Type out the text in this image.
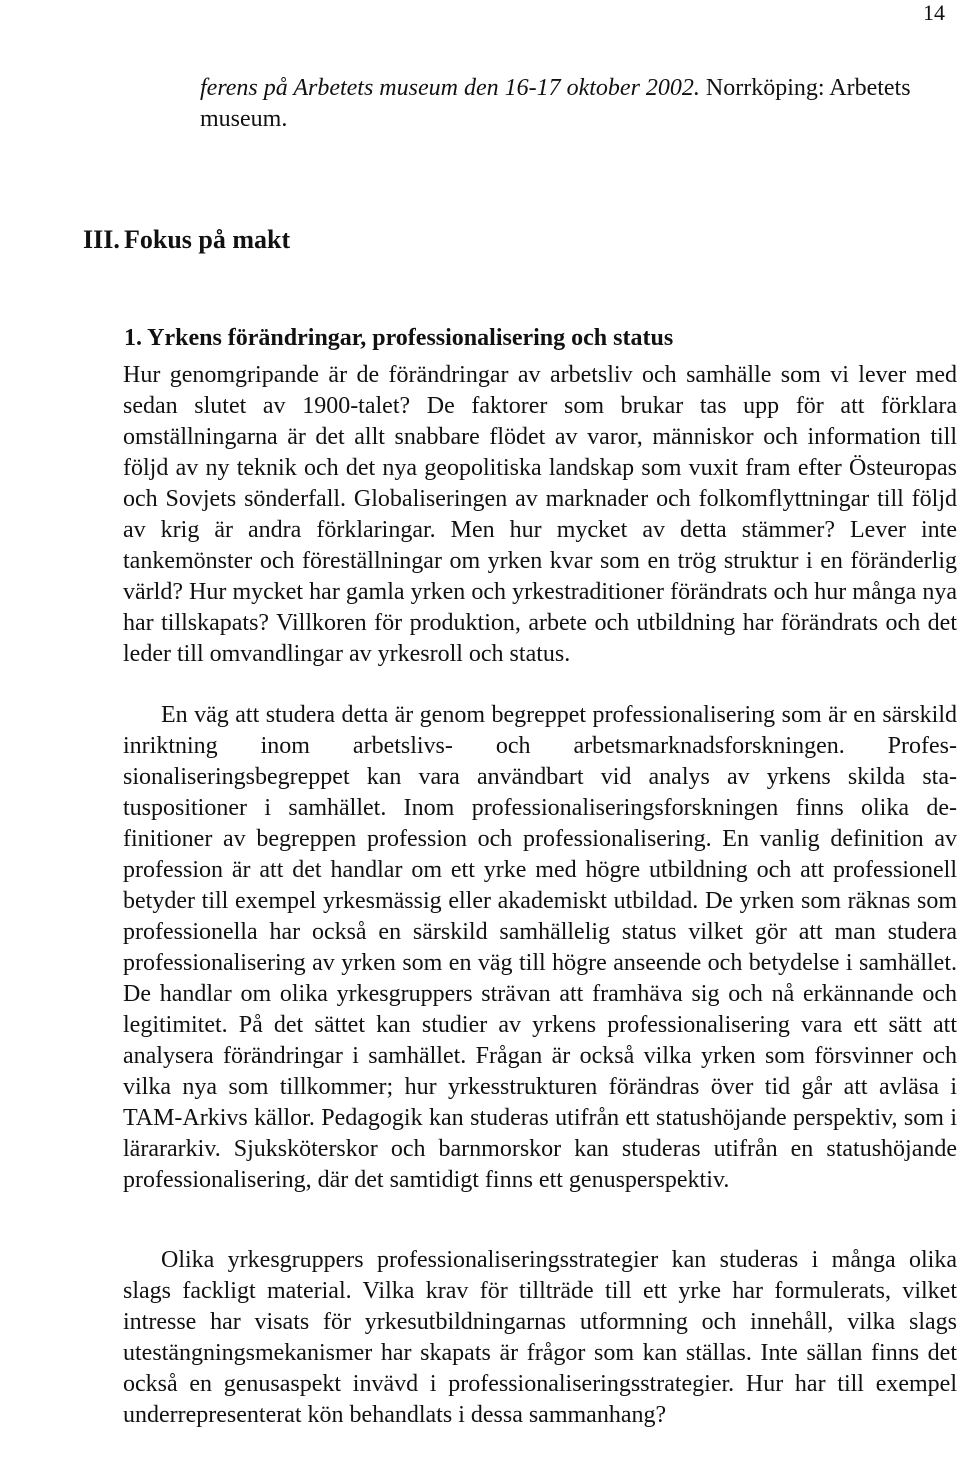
14
ferens på Arbetets museum den 16-17 oktober 2002. Norrköping: Arbetets museum.
III. Fokus på makt
1. Yrkens förändringar, professionalisering och status
Hur genomgripande är de förändringar av arbetsliv och samhälle som vi lever med sedan slutet av 1900-talet? De faktorer som brukar tas upp för att förklara omställningarna är det allt snabbare flödet av varor, människor och information till följd av ny teknik och det nya geopolitiska landskap som vuxit fram efter Östeuropas och Sovjets sönderfall. Globaliseringen av marknader och folkomflyttningar till följd av krig är andra förklaringar. Men hur mycket av detta stämmer? Lever inte tankemönster och föreställningar om yrken kvar som en trög struktur i en föränderlig värld? Hur mycket har gamla yrken och yrkestraditioner förändrats och hur många nya har tillskapats? Villkoren för produktion, arbete och utbildning har förändrats och det leder till omvandlingar av yrkesroll och status.
En väg att studera detta är genom begreppet professionalisering som är en särskild inriktning inom arbetslivs- och arbetsmarknadsforskningen. Professionaliseringsbegreppet kan vara användbart vid analys av yrkens skilda statuspositioner i samhället. Inom professionaliseringsforskningen finns olika definitioner av begreppen profession och professionalisering. En vanlig definition av profession är att det handlar om ett yrke med högre utbildning och att professionell betyder till exempel yrkesmässig eller akademiskt utbildad. De yrken som räknas som professionella har också en särskild samhällelig status vilket gör att man studera professionalisering av yrken som en väg till högre anseende och betydelse i samhället. De handlar om olika yrkesgruppers strävan att framhäva sig och nå erkännande och legitimitet. På det sättet kan studier av yrkens professionalisering vara ett sätt att analysera förändringar i samhället. Frågan är också vilka yrken som försvinner och vilka nya som tillkommer; hur yrkesstrukturen förändras över tid går att avläsa i TAM-Arkivs källor. Pedagogik kan studeras utifrån ett statushöjande perspektiv, som i lärararkiv. Sjuksköterskor och barnmorskor kan studeras utifrån en statushöjande professionalisering, där det samtidigt finns ett genusperspektiv.
Olika yrkesgruppers professionaliseringsstrategier kan studeras i många olika slags fackligt material. Vilka krav för tillträde till ett yrke har formulerats, vilket intresse har visats för yrkesutbildningarnas utformning och innehåll, vilka slags utestängningsmekanismer har skapats är frågor som kan ställas. Inte sällan finns det också en genusaspekt invävd i professionaliseringsstrategier. Hur har till exempel underrepresenterat kön behandlats i dessa sammanhang?
